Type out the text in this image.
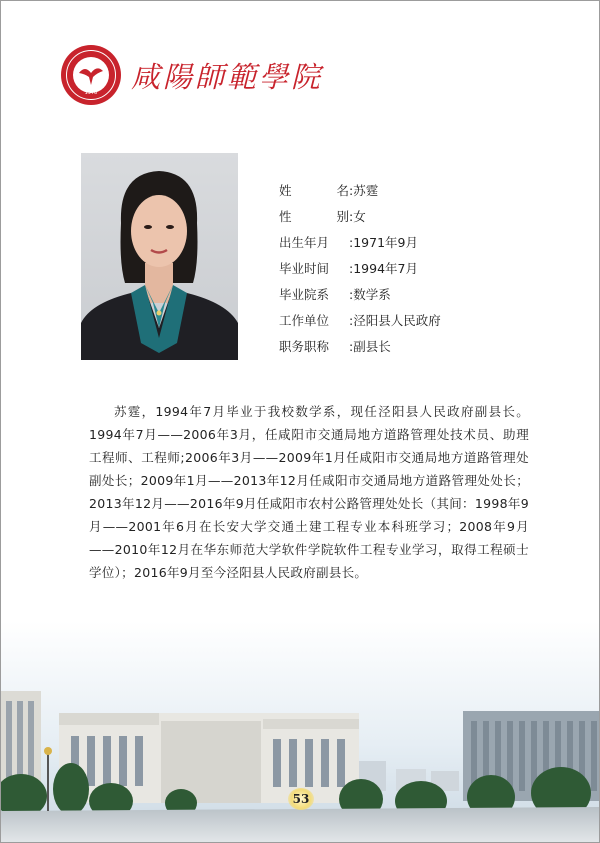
1978	咸陽師範學院
姓	名 : 苏霆
性	别 : 女
出生年月	: 1971年9月
毕业时间	: 1994年7月
毕业院系	: 数学系
工作单位	: 泾阳县人民政府
职务职称	: 副县长

苏霆，1994年7月毕业于我校数学系，现任泾阳县人民政府副县长。1994年7月——2006年3月，任咸阳市交通局地方道路管理处技术员、助理工程师、工程师;2006年3月——2009年1月任咸阳市交通局地方道路管理处副处长；2009年1月——2013年12月任咸阳市交通局地方道路管理处处长；2013年12月——2016年9月任咸阳市农村公路管理处处长（其间：1998年9月——2001年6月在长安大学交通土建工程专业本科班学习；2008年9月——2010年12月在华东师范大学软件学院软件工程专业学习，取得工程硕士学位）；2016年9月至今泾阳县人民政府副县长。

53
